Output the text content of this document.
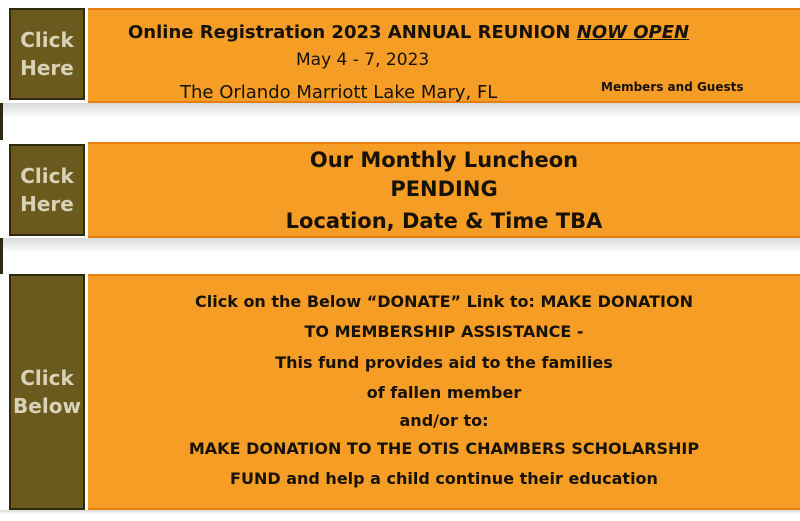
Click
Here
Online Registration 2023 ANNUAL REUNION NOW OPEN
May 4 - 7, 2023
The Orlando Marriott Lake Mary, FL	Members and Guests
Click
Here
Our Monthly Luncheon
PENDING
Location, Date & Time TBA
Click
Below
Click on the Below “DONATE” Link to: MAKE DONATION
TO MEMBERSHIP ASSISTANCE -
This fund provides aid to the families
of fallen member
and/or to:
MAKE DONATION TO THE OTIS CHAMBERS SCHOLARSHIP
FUND and help a child continue their education
